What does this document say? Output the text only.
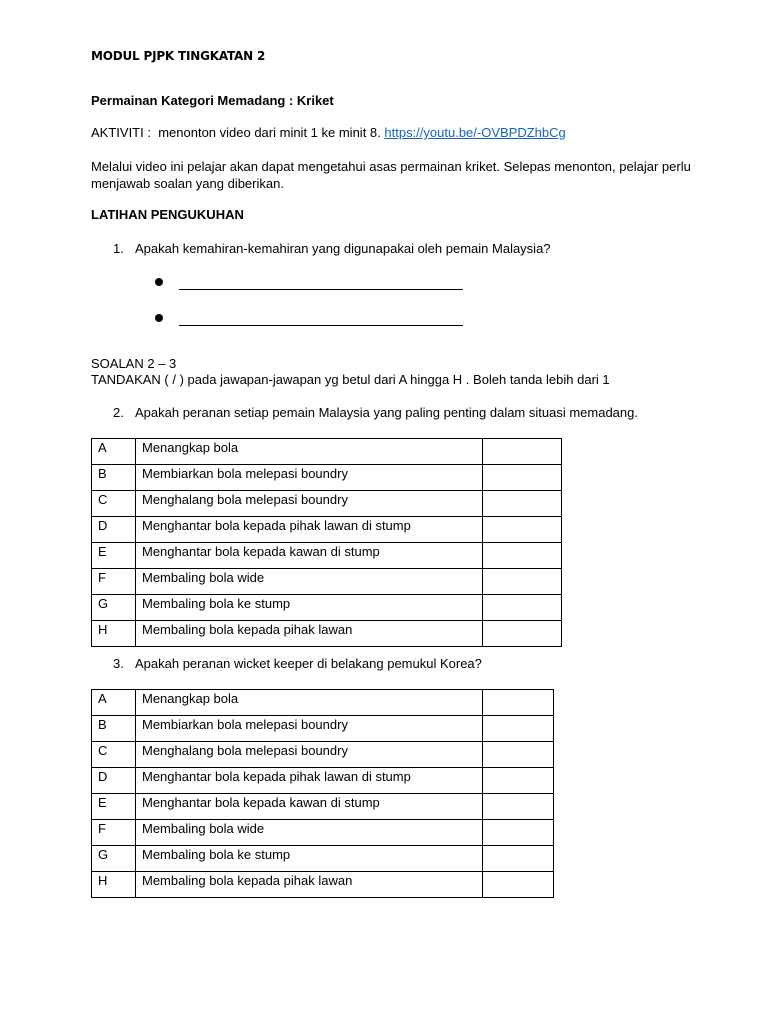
MODUL PJPK TINGKATAN 2
Permainan Kategori Memadang : Kriket
AKTIVITI : menonton video dari minit 1 ke minit 8. https://youtu.be/-OVBPDZhbCg
Melalui video ini pelajar akan dapat mengetahui asas permainan kriket. Selepas menonton, pelajar perlu menjawab soalan yang diberikan.
LATIHAN PENGUKUHAN
1. Apakah kemahiran-kemahiran yang digunapakai oleh pemain Malaysia?
SOALAN 2 – 3
TANDAKAN ( / ) pada jawapan-jawapan yg betul dari A hingga H . Boleh tanda lebih dari 1
2. Apakah peranan setiap pemain Malaysia yang paling penting dalam situasi memadang.
A	Menangkap bola	
B	Membiarkan bola melepasi boundry	
C	Menghalang bola melepasi boundry	
D	Menghantar bola kepada pihak lawan di stump	
E	Menghantar bola kepada kawan di stump	
F	Membaling bola wide	
G	Membaling bola ke stump	
H	Membaling bola kepada pihak lawan	
3. Apakah peranan wicket keeper di belakang pemukul Korea?
A	Menangkap bola	
B	Membiarkan bola melepasi boundry	
C	Menghalang bola melepasi boundry	
D	Menghantar bola kepada pihak lawan di stump	
E	Menghantar bola kepada kawan di stump	
F	Membaling bola wide	
G	Membaling bola ke stump	
H	Membaling bola kepada pihak lawan	
